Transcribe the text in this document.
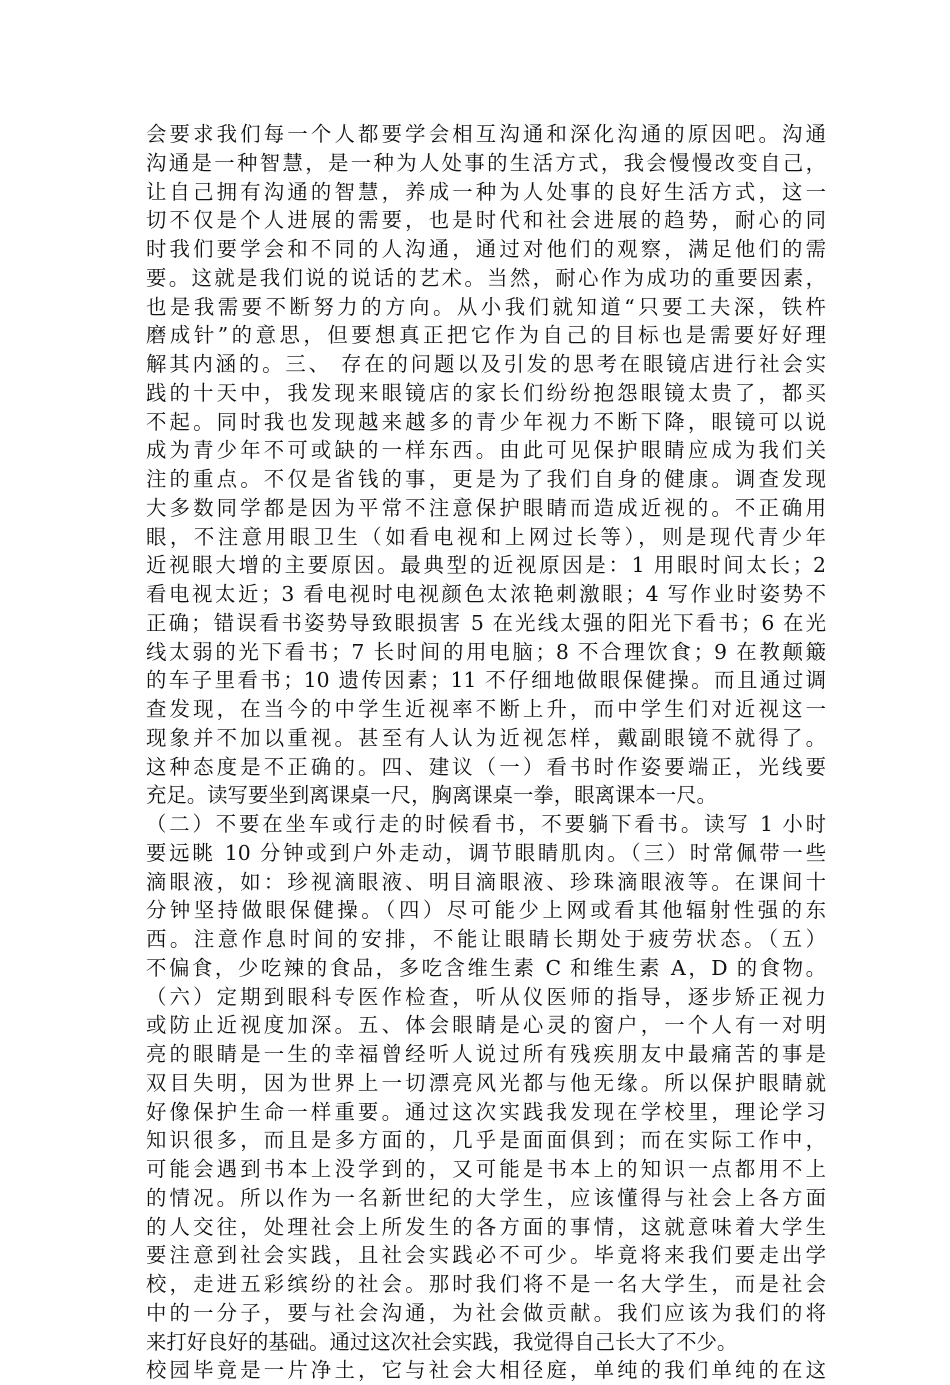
会要求我们每一个人都要学会相互沟通和深化沟通的原因吧。沟通
沟通是一种智慧，是一种为人处事的生活方式，我会慢慢改变自己，
让自己拥有沟通的智慧，养成一种为人处事的良好生活方式，这一
切不仅是个人进展的需要，也是时代和社会进展的趋势，耐心的同
时我们要学会和不同的人沟通，通过对他们的观察，满足他们的需
要。这就是我们说的说话的艺术。当然，耐心作为成功的重要因素，
也是我需要不断努力的方向。从小我们就知道“只要工夫深，铁杵
磨成针”的意思，但要想真正把它作为自己的目标也是需要好好理
解其内涵的。三、 存在的问题以及引发的思考在眼镜店进行社会实
践的十天中，我发现来眼镜店的家长们纷纷抱怨眼镜太贵了，都买
不起。同时我也发现越来越多的青少年视力不断下降，眼镜可以说
成为青少年不可或缺的一样东西。由此可见保护眼睛应成为我们关
注的重点。不仅是省钱的事，更是为了我们自身的健康。调查发现
大多数同学都是因为平常不注意保护眼睛而造成近视的。不正确用
眼，不注意用眼卫生（如看电视和上网过长等），则是现代青少年
近视眼大增的主要原因。最典型的近视原因是：1 用眼时间太长；2
看电视太近；3 看电视时电视颜色太浓艳刺激眼；4 写作业时姿势不
正确；错误看书姿势导致眼损害 5 在光线太强的阳光下看书；6 在光
线太弱的光下看书；7 长时间的用电脑；8 不合理饮食；9 在教颠簸
的车子里看书；10 遗传因素；11 不仔细地做眼保健操。而且通过调
查发现，在当今的中学生近视率不断上升，而中学生们对近视这一
现象并不加以重视。甚至有人认为近视怎样，戴副眼镜不就得了。
这种态度是不正确的。四、建议（一）看书时作姿要端正，光线要
充足。读写要坐到离课桌一尺，胸离课桌一拳，眼离课本一尺。
（二）不要在坐车或行走的时候看书，不要躺下看书。读写 1 小时
要远眺 10 分钟或到户外走动，调节眼睛肌肉。（三）时常佩带一些
滴眼液，如：珍视滴眼液、明目滴眼液、珍珠滴眼液等。在课间十
分钟坚持做眼保健操。（四）尽可能少上网或看其他辐射性强的东
西。注意作息时间的安排，不能让眼睛长期处于疲劳状态。（五）
不偏食，少吃辣的食品，多吃含维生素 C 和维生素 A，D 的食物。
（六）定期到眼科专医作检查，听从仪医师的指导，逐步矫正视力
或防止近视度加深。五、体会眼睛是心灵的窗户，一个人有一对明
亮的眼睛是一生的幸福曾经听人说过所有残疾朋友中最痛苦的事是
双目失明，因为世界上一切漂亮风光都与他无缘。所以保护眼睛就
好像保护生命一样重要。通过这次实践我发现在学校里，理论学习
知识很多，而且是多方面的，几乎是面面俱到；而在实际工作中，
可能会遇到书本上没学到的，又可能是书本上的知识一点都用不上
的情况。所以作为一名新世纪的大学生，应该懂得与社会上各方面
的人交往，处理社会上所发生的各方面的事情，这就意味着大学生
要注意到社会实践，且社会实践必不可少。毕竟将来我们要走出学
校，走进五彩缤纷的社会。那时我们将不是一名大学生，而是社会
中的一分子，要与社会沟通，为社会做贡献。我们应该为我们的将
来打好良好的基础。通过这次社会实践，我觉得自己长大了不少。
校园毕竟是一片净土，它与社会大相径庭，单纯的我们单纯的在这
